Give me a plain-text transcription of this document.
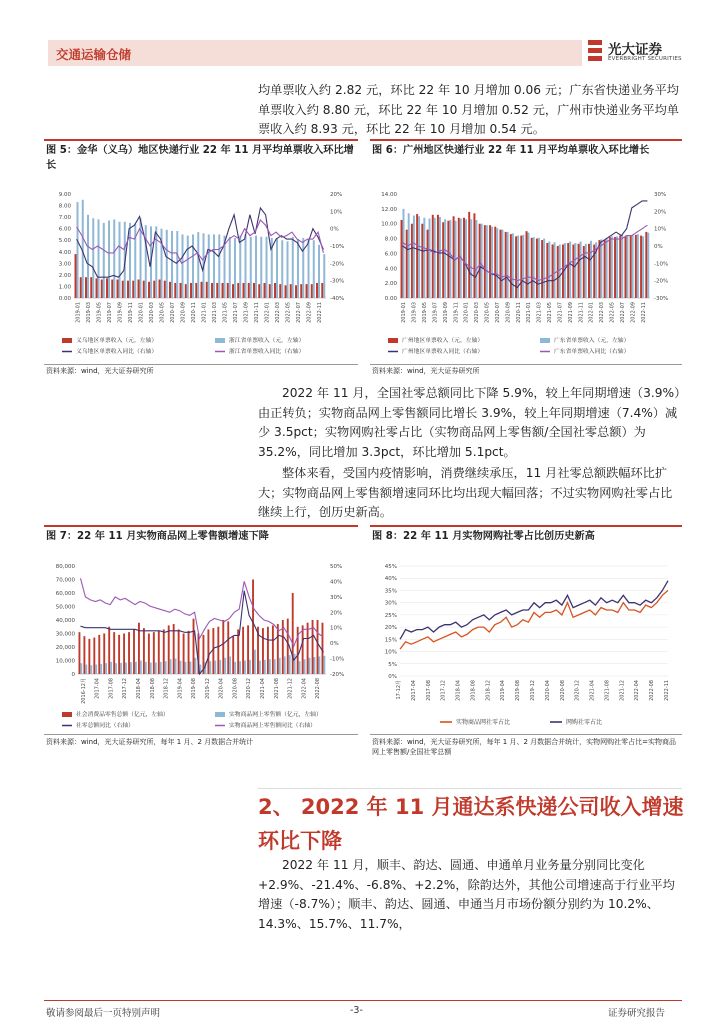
交通运输仓储	光大证券
EVERBRIGHT SECURITIES
均单票收入约 2.82 元，环比 22 年 10 月增加 0.06 元；广东省快递业务平均单票收入约 8.80 元，环比 22 年 10 月增加 0.52 元，广州市快递业务平均单票收入约 8.93 元，环比 22 年 10 月增加 0.54 元。
图 5：金华（义乌）地区快递行业 22 年 11 月平均单票收入环比增长
0.00
1.00
2.00
3.00
4.00
5.00
6.00
7.00
8.00
9.00	20%
10%
0%
-10%
-20%
-30%
-40%
2019-01 2019-03 2019-05 2019-07 2019-09 2019-11 2020-01 2020-03 2020-05 2020-07 2020-09 2020-11 2021-01 2021-03 2021-05 2021-07 2021-09 2021-11 2022-01 2022-03 2022-05 2022-07 2022-09 2022-11
义乌地区单票收入（元，左轴）	浙江省单票收入（元，左轴）
义乌地区单票收入同比（右轴）	浙江省单票收入同比（右轴）
资料来源：wind，光大证券研究所
图 6：广州地区快递行业 22 年 11 月平均单票收入环比增长
0.00
2.00
4.00
6.00
8.00
10.00
12.00
14.00	30%
20%
10%
0%
-10%
-20%
-30%
2019-01 2019-03 2019-05 2019-07 2019-09 2019-11 2020-01 2020-03 2020-05 2020-07 2020-09 2020-11 2021-01 2021-03 2021-05 2021-07 2021-09 2021-11 2022-01 2022-03 2022-05 2022-07 2022-09 2022-11
广州地区单票收入（元，左轴）	广东省单票收入（元，左轴）
广州地区单票收入同比（右轴）	广东省单票收入同比（右轴）
资料来源：wind，光大证券研究所
2022 年 11 月，全国社零总额同比下降 5.9%，较上年同期增速（3.9%）由正转负；实物商品网上零售额同比增长 3.9%，较上年同期增速（7.4%）减少 3.5pct；实物网购社零占比（实物商品网上零售额/全国社零总额）为 35.2%，同比增加 3.3pct，环比增加 5.1pct。
整体来看，受国内疫情影响，消费继续承压，11 月社零总额跌幅环比扩大；实物商品网上零售额增速同环比均出现大幅回落；不过实物网购社零占比继续上行，创历史新高。
图 7：22 年 11 月实物商品网上零售额增速下降
0
10,000
20,000
30,000
40,000
50,000
60,000
70,000
80,000	50%
40%
30%
20%
10%
0%
-10%
-20%
2016-12月 2017-04 2017-08 2017-12 2018-04 2018-08 2018-12 2019-04 2019-08 2019-12 2020-04 2020-08 2020-12 2021-04 2021-08 2021-12 2022-04 2022-08
社会消费品零售总额（亿元，左轴）	实物商品网上零售额（亿元，左轴）
社零总额同比（右轴）	实物商品网上零售额同比（右轴）
资料来源：wind，光大证券研究所，每年 1 月、2 月数据合并统计
图 8：22 年 11 月实物网购社零占比创历史新高
0%
5%
10%
15%
20%
25%
30%
35%
40%
45%
17-12月 2017-04 2017-08 2017-12 2018-04 2018-08 2018-12 2019-04 2019-08 2019-12 2020-04 2020-08 2020-12 2021-04 2021-08 2021-12 2022-04 2022-08 2022-11
实物商品网社零占比	网购社零占比
资料来源：wind，光大证券研究所，每年 1 月、2 月数据合并统计，实物网购社零占比=实物商品网上零售额/全国社零总额
2、 2022 年 11 月通达系快递公司收入增速环比下降
2022 年 11 月，顺丰、韵达、圆通、申通单月业务量分别同比变化+2.9%、-21.4%、-6.8%、+2.2%，除韵达外，其他公司增速高于行业平均增速（-8.7%）；顺丰、韵达、圆通、申通当月市场份额分别约为 10.2%、14.3%、15.7%、11.7%，
敬请参阅最后一页特别声明	-3-	证券研究报告
